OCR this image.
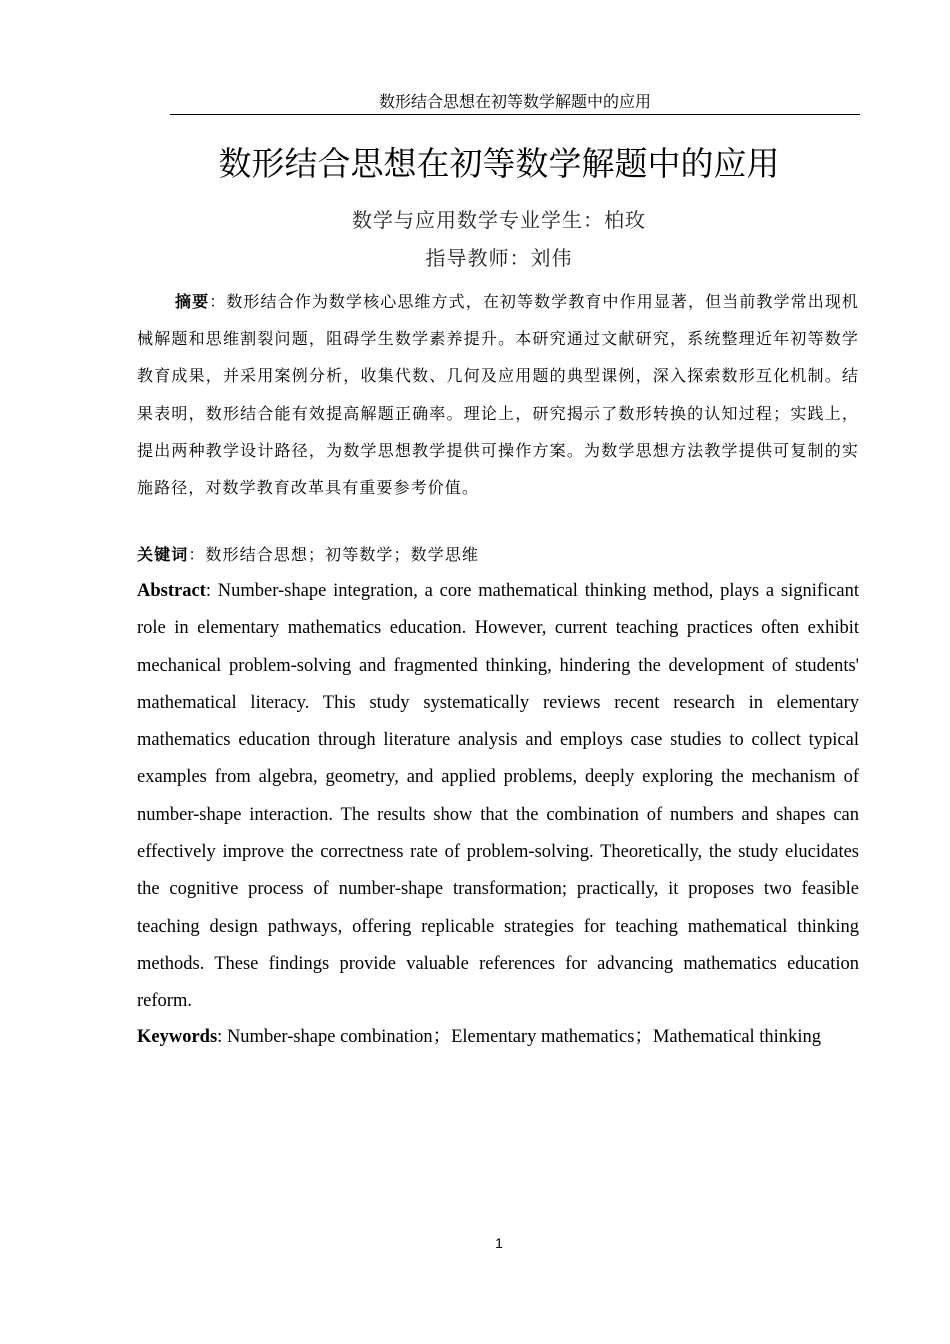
数形结合思想在初等数学解题中的应用
数形结合思想在初等数学解题中的应用
数学与应用数学专业学生：柏玫
指导教师：刘伟

摘要：数形结合作为数学核心思维方式，在初等数学教育中作用显著，但当前教学常出现机械解题和思维割裂问题，阻碍学生数学素养提升。本研究通过文献研究，系统整理近年初等数学教育成果，并采用案例分析，收集代数、几何及应用题的典型课例，深入探索数形互化机制。结果表明，数形结合能有效提高解题正确率。理论上，研究揭示了数形转换的认知过程；实践上，提出两种教学设计路径，为数学思想教学提供可操作方案。为数学思想方法教学提供可复制的实施路径，对数学教育改革具有重要参考价值。

关键词：数形结合思想；初等数学；数学思维

Abstract: Number-shape integration, a core mathematical thinking method, plays a significant role in elementary mathematics education. However, current teaching practices often exhibit mechanical problem-solving and fragmented thinking, hindering the development of students' mathematical literacy. This study systematically reviews recent research in elementary mathematics education through literature analysis and employs case studies to collect typical examples from algebra, geometry, and applied problems, deeply exploring the mechanism of number-shape interaction. The results show that the combination of numbers and shapes can effectively improve the correctness rate of problem-solving. Theoretically, the study elucidates the cognitive process of number-shape transformation; practically, it proposes two feasible teaching design pathways, offering replicable strategies for teaching mathematical thinking methods. These findings provide valuable references for advancing mathematics education reform.

Keywords: Number-shape combination；Elementary mathematics；Mathematical thinking

1
